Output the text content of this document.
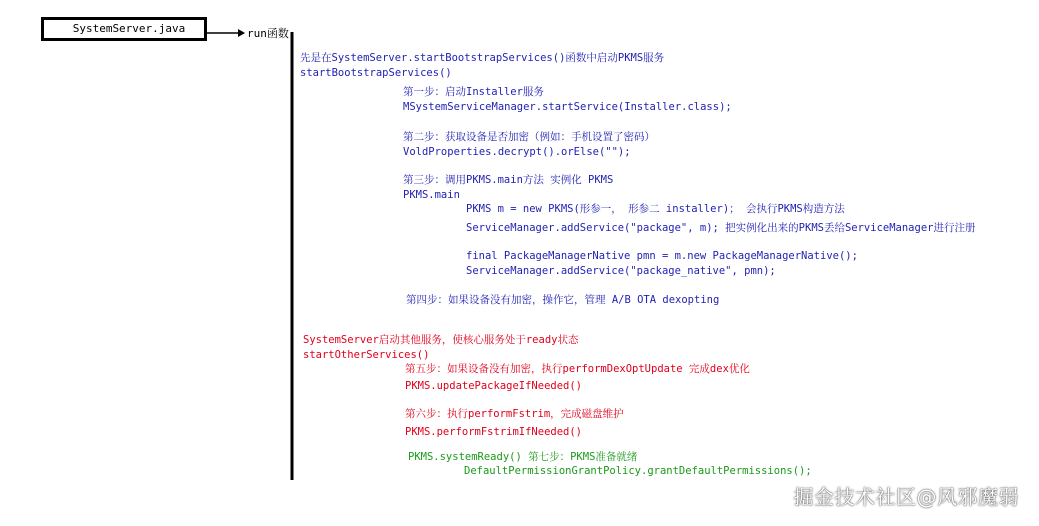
SystemServer.java	run函数
先是在SystemServer.startBootstrapServices()函数中启动PKMS服务
startBootstrapServices()
第一步：启动Installer服务
MSystemServiceManager.startService(Installer.class);
第二步：获取设备是否加密（例如：手机设置了密码）
VoldProperties.decrypt().orElse("");
第三步：调用PKMS.main方法 实例化 PKMS
PKMS.main
PKMS m = new PKMS(形参一， 形参二 installer)； 会执行PKMS构造方法
ServiceManager.addService("package", m); 把实例化出来的PKMS丢给ServiceManager进行注册
final PackageManagerNative pmn = m.new PackageManagerNative();
ServiceManager.addService("package_native", pmn);
第四步：如果设备没有加密，操作它，管理 A/B OTA dexopting
SystemServer启动其他服务，使核心服务处于ready状态
startOtherServices()
第五步：如果设备没有加密，执行performDexOptUpdate 完成dex优化
PKMS.updatePackageIfNeeded()
第六步：执行performFstrim，完成磁盘维护
PKMS.performFstrimIfNeeded()
PKMS.systemReady() 第七步：PKMS准备就绪
DefaultPermissionGrantPolicy.grantDefaultPermissions();
掘金技术社区@风邪魔弱
